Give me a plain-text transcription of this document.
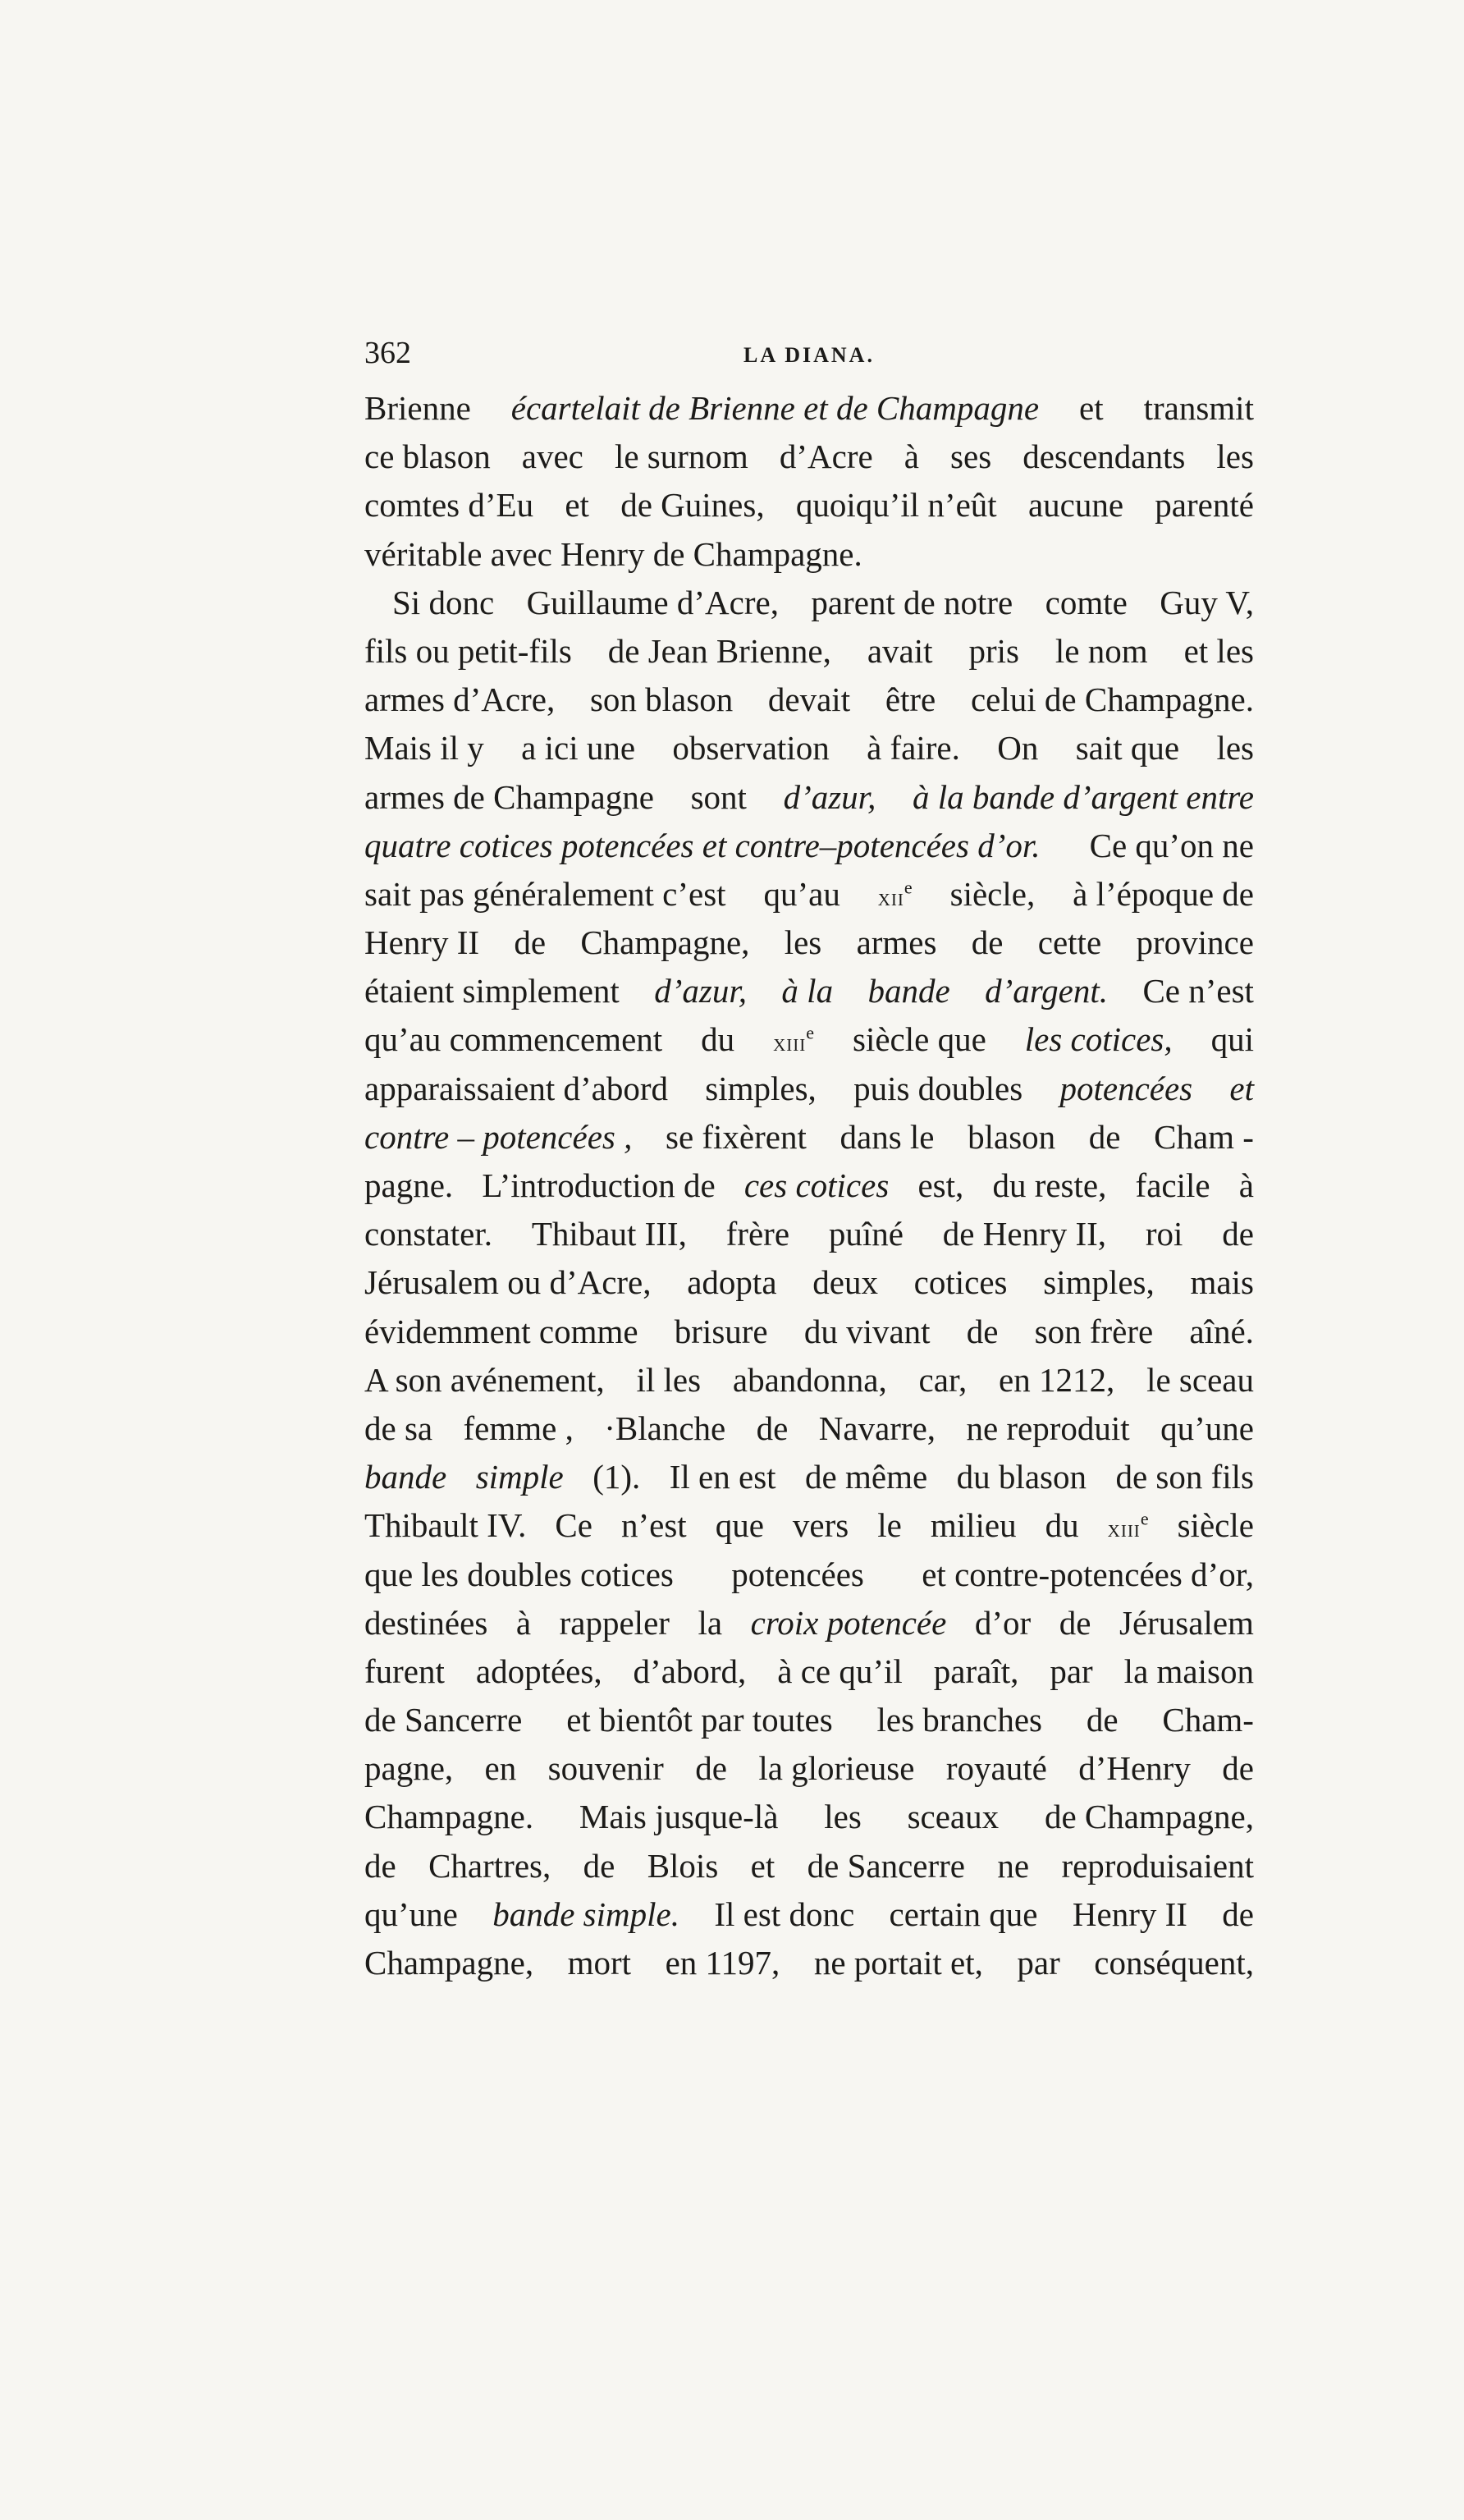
362	LA DIANA.
Brienne écartelait de Brienne et de Champagne et transmit
ce blason avec le surnom d’Acre à ses descendants les
comtes d’Eu et de Guines, quoiqu’il n’eût aucune parenté
véritable avec Henry de Champagne.
Si donc Guillaume d’Acre, parent de notre comte Guy V,
fils ou petit-fils de Jean Brienne, avait pris le nom et les
armes d’Acre, son blason devait être celui de Champagne.
Mais il y a ici une observation à faire. On sait que les
armes de Champagne sont d’azur, à la bande d’argent entre
quatre cotices potencées et contre–potencées d’or. Ce qu’on ne
sait pas généralement c’est qu’au xii$^e$ siècle, à l’époque de
Henry II de Champagne, les armes de cette province
étaient simplement d’azur, à la bande d’argent. Ce n’est
qu’au commencement du xiii$^e$ siècle que les cotices, qui
apparaissaient d’abord simples, puis doubles potencées et
contre – potencées , se fixèrent dans le blason de Cham -
pagne. L’introduction de ces cotices est, du reste, facile à
constater. Thibaut III, frère puîné de Henry II, roi de
Jérusalem ou d’Acre, adopta deux cotices simples, mais
évidemment comme brisure du vivant de son frère aîné.
A son avénement, il les abandonna, car, en 1212, le sceau
de sa femme , ·Blanche de Navarre, ne reproduit qu’une
bande simple (1). Il en est de même du blason de son fils
Thibault IV. Ce n’est que vers le milieu du xiii$^e$ siècle
que les doubles cotices potencées et contre-potencées d’or,
destinées à rappeler la croix potencée d’or de Jérusalem
furent adoptées, d’abord, à ce qu’il paraît, par la maison
de Sancerre et bientôt par toutes les branches de Cham-
pagne, en souvenir de la glorieuse royauté d’Henry de
Champagne. Mais jusque-là les sceaux de Champagne,
de Chartres, de Blois et de Sancerre ne reproduisaient
qu’une bande simple. Il est donc certain que Henry II de
Champagne, mort en 1197, ne portait et, par conséquent,
